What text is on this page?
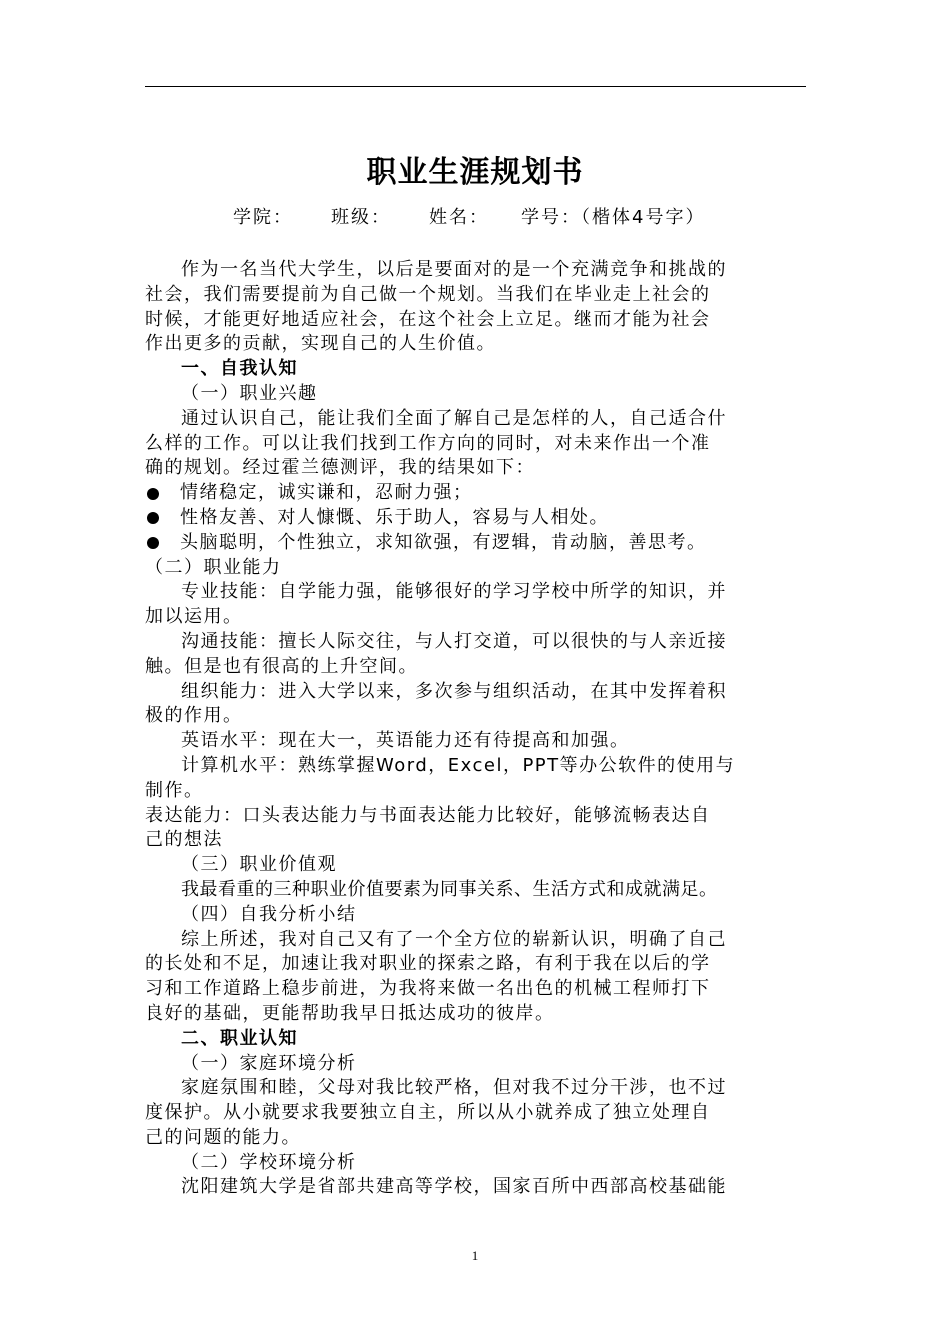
职业生涯规划书
学院： 班级： 姓名： 学号：（楷体4号字）
作为一名当代大学生，以后是要面对的是一个充满竞争和挑战的
社会，我们需要提前为自己做一个规划。当我们在毕业走上社会的
时候，才能更好地适应社会，在这个社会上立足。继而才能为社会
作出更多的贡献，实现自己的人生价值。
一、自我认知
（一）职业兴趣
通过认识自己，能让我们全面了解自己是怎样的人，自己适合什
么样的工作。可以让我们找到工作方向的同时，对未来作出一个准
确的规划。经过霍兰德测评，我的结果如下：
情绪稳定，诚实谦和，忍耐力强；
性格友善、对人慷慨、乐于助人，容易与人相处。
头脑聪明，个性独立，求知欲强，有逻辑，肯动脑，善思考。
（二）职业能力
专业技能：自学能力强，能够很好的学习学校中所学的知识，并
加以运用。
沟通技能：擅长人际交往，与人打交道，可以很快的与人亲近接
触。但是也有很高的上升空间。
组织能力：进入大学以来，多次参与组织活动，在其中发挥着积
极的作用。
英语水平：现在大一，英语能力还有待提高和加强。
计算机水平：熟练掌握Word，Excel，PPT等办公软件的使用与
制作。
表达能力：口头表达能力与书面表达能力比较好，能够流畅表达自
己的想法
（三）职业价值观
我最看重的三种职业价值要素为同事关系、生活方式和成就满足。
（四）自我分析小结
综上所述，我对自己又有了一个全方位的崭新认识，明确了自己
的长处和不足，加速让我对职业的探索之路，有利于我在以后的学
习和工作道路上稳步前进，为我将来做一名出色的机械工程师打下
良好的基础，更能帮助我早日抵达成功的彼岸。
二、职业认知
（一）家庭环境分析
家庭氛围和睦，父母对我比较严格，但对我不过分干涉，也不过
度保护。从小就要求我要独立自主，所以从小就养成了独立处理自
己的问题的能力。
（二）学校环境分析
沈阳建筑大学是省部共建高等学校，国家百所中西部高校基础能
1
